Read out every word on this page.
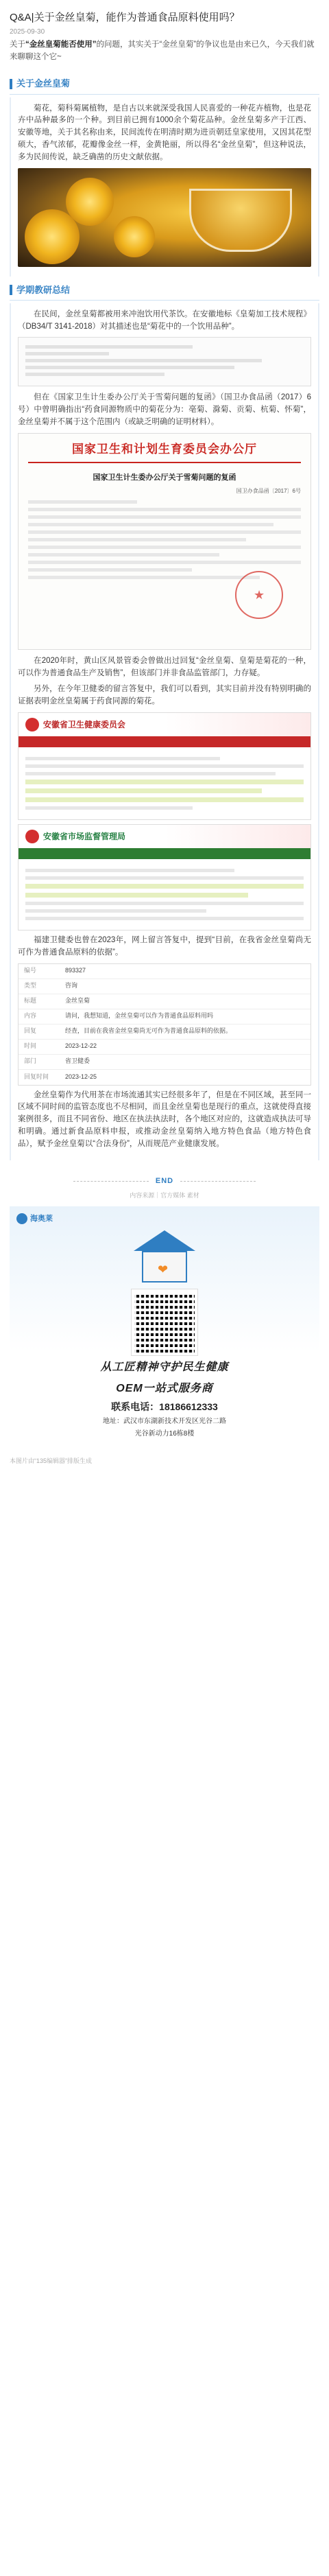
Q&A|关于金丝皇菊，能作为普通食品原料使用吗？
2025-09-30
关于“金丝皇菊能否使用”的问题，其实关于“金丝皇菊”的争议也是由来已久，今天我们就来聊聊这个它~
关于金丝皇菊

菊花，菊科菊属植物，是自古以来就深受我国人民喜爱的一种花卉植物，也是花卉中品种最多的一个种。到目前已拥有1000余个菊花品种。金丝皇菊多产于江西、安徽等地，关于其名称由来，民间流传在明清时期为进贡朝廷皇家使用，又因其花型硕大，香气浓郁，花瓣像金丝一样，金黄艳丽，所以得名“金丝皇菊”，但这种说法，多为民间传说，缺乏确凿的历史文献依据。

学期教研总结

在民间，金丝皇菊都被用来冲泡饮用代茶饮。在安徽地标《皇菊加工技术规程》（DB34/T 3141-2018）对其描述也是“菊花中的一个饮用品种”。

但在《国家卫生计生委办公厅关于雪菊问题的复函》（国卫办食品函（2017）6号）中曾明确指出“药食同源物质中的菊花分为：亳菊、滁菊、贡菊、杭菊、怀菊”，金丝皇菊并不属于这个范围内（或缺乏明确的证明材料）。

国家卫生和计划生育委员会办公厅
国家卫生计生委办公厅关于雪菊问题的复函
国卫办食品函〔2017〕6号
★

在2020年时，黄山区风景管委会曾做出过回复“金丝皇菊、皇菊是菊花的一种，可以作为普通食品生产及销售”，但该部门并非食品监管部门，力存疑。

另外，在今年卫健委的留言答复中，我们可以看到，其实目前并没有特别明确的证据表明金丝皇菊属于药食同源的菊花。

安徽省卫生健康委员会
安徽省市场监督管理局

福建卫健委也曾在2023年，网上留言答复中，提到“目前，在我省金丝皇菊尚无可作为普通食品原料的依据”。

编号	893327
类型	咨询
标题	金丝皇菊
内容	请问，我想知道，金丝皇菊可以作为普通食品原料用吗
回复	经查，目前在我省金丝皇菊尚无可作为普通食品原料的依据。
时间	2023-12-22
部门	省卫健委
回复时间	2023-12-25

金丝皇菊作为代用茶在市场流通其实已经很多年了，但是在不同区域，甚至同一区域不同时间的监管态度也不尽相同，而且金丝皇菊也是现行的重点，这就使得直接案例很多，而且不同省份、地区在执法执法时，各个地区对应的，这就造成执法可导和明确。通过新食品原料申报，或推动金丝皇菊纳入地方特色食品（地方特色食品），赋予金丝皇菊以“合法身份”，从而规范产业健康发展。

END
内容来源｜官方媒体 素材
海奥莱
❤
从工匠精神守护民生健康
OEM一站式服务商
联系电话：18186612333
地址：武汉市东湖新技术开发区光谷二路
光谷新动力16栋8楼
本图片由“135编辑器”排版生成
